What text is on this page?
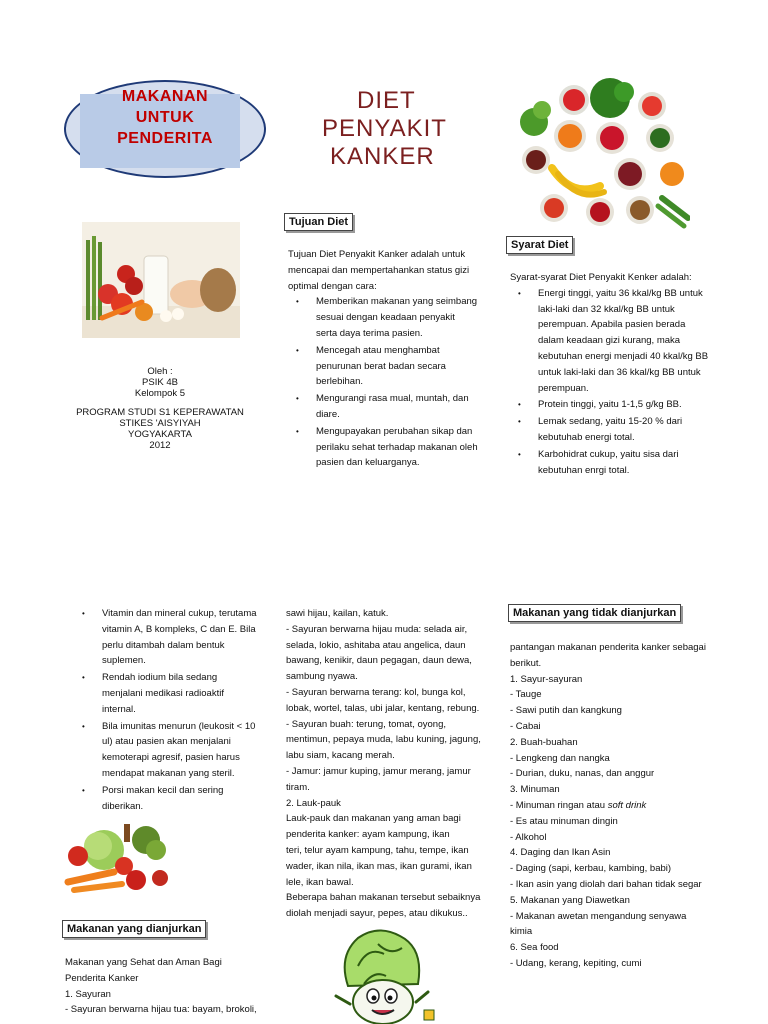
MAKANAN
UNTUK
PENDERITA
DIET
PENYAKIT
KANKER
Oleh :
PSIK 4B
Kelompok 5
PROGRAM STUDI S1 KEPERAWATAN
STIKES 'AISYIYAH
YOGYAKARTA
2012
Tujuan Diet

Tujuan Diet Penyakit Kanker adalah untuk mencapai dan mempertahankan status gizi optimal dengan cara:

• Memberikan makanan yang seimbang sesuai dengan keadaan penyakit serta daya terima pasien.
• Mencegah atau menghambat penurunan berat badan secara berlebihan.
• Mengurangi rasa mual, muntah, dan diare.
• Mengupayakan perubahan sikap dan perilaku sehat terhadap makanan oleh pasien dan keluarganya.
Syarat Diet

Syarat-syarat Diet Penyakit Kenker adalah:

• Energi tinggi, yaitu 36 kkal/kg BB untuk laki-laki dan 32 kkal/kg BB untuk perempuan. Apabila pasien berada dalam keadaan gizi kurang, maka kebutuhan energi menjadi 40 kkal/kg BB untuk laki-laki dan 36 kkal/kg BB untuk perempuan.
• Protein tinggi, yaitu 1-1,5 g/kg BB.
• Lemak sedang, yaitu 15-20 % dari kebutuhab energi total.
• Karbohidrat cukup, yaitu sisa dari kebutuhan enrgi total.
• Vitamin dan mineral cukup, terutama vitamin A, B kompleks, C dan E. Bila perlu ditambah dalam bentuk suplemen.
• Rendah iodium bila sedang menjalani medikasi radioaktif internal.
• Bila imunitas menurun (leukosit < 10 ul) atau pasien akan menjalani kemoterapi agresif, pasien harus mendapat makanan yang steril.
• Porsi makan kecil dan sering diberikan.
Makanan yang dianjurkan
Makanan yang Sehat dan Aman Bagi
Penderita Kanker
1. Sayuran
- Sayuran berwarna hijau tua: bayam, brokoli,
sawi hijau, kailan, katuk.
- Sayuran berwarna hijau muda: selada air,
selada, lokio, ashitaba atau angelica, daun
bawang, kenikir, daun pegagan, daun dewa,
sambung nyawa.
- Sayuran berwarna terang: kol, bunga kol,
lobak, wortel, talas, ubi jalar, kentang, rebung.
- Sayuran buah: terung, tomat, oyong,
mentimun, pepaya muda, labu kuning, jagung,
labu siam, kacang merah.
- Jamur: jamur kuping, jamur merang, jamur
tiram.
2. Lauk-pauk
Lauk-pauk dan makanan yang aman bagi
penderita kanker: ayam kampung, ikan
teri, telur ayam kampung, tahu, tempe, ikan
wader, ikan nila, ikan mas, ikan gurami, ikan
lele, ikan bawal.
Beberapa bahan makanan tersebut sebaiknya
diolah menjadi sayur, pepes, atau dikukus..
Makanan yang tidak dianjurkan
pantangan makanan penderita kanker sebagai
berikut.
1. Sayur-sayuran
- Tauge
- Sawi putih dan kangkung
- Cabai
2. Buah-buahan
- Lengkeng dan nangka
- Durian, duku, nanas, dan anggur
3. Minuman
- Minuman ringan atau soft drink
- Es atau minuman dingin
- Alkohol
4. Daging dan Ikan Asin
- Daging (sapi, kerbau, kambing, babi)
- Ikan asin yang diolah dari bahan tidak segar
5. Makanan yang Diawetkan
- Makanan awetan mengandung senyawa
kimia
6. Sea food
- Udang, kerang, kepiting, cumi
